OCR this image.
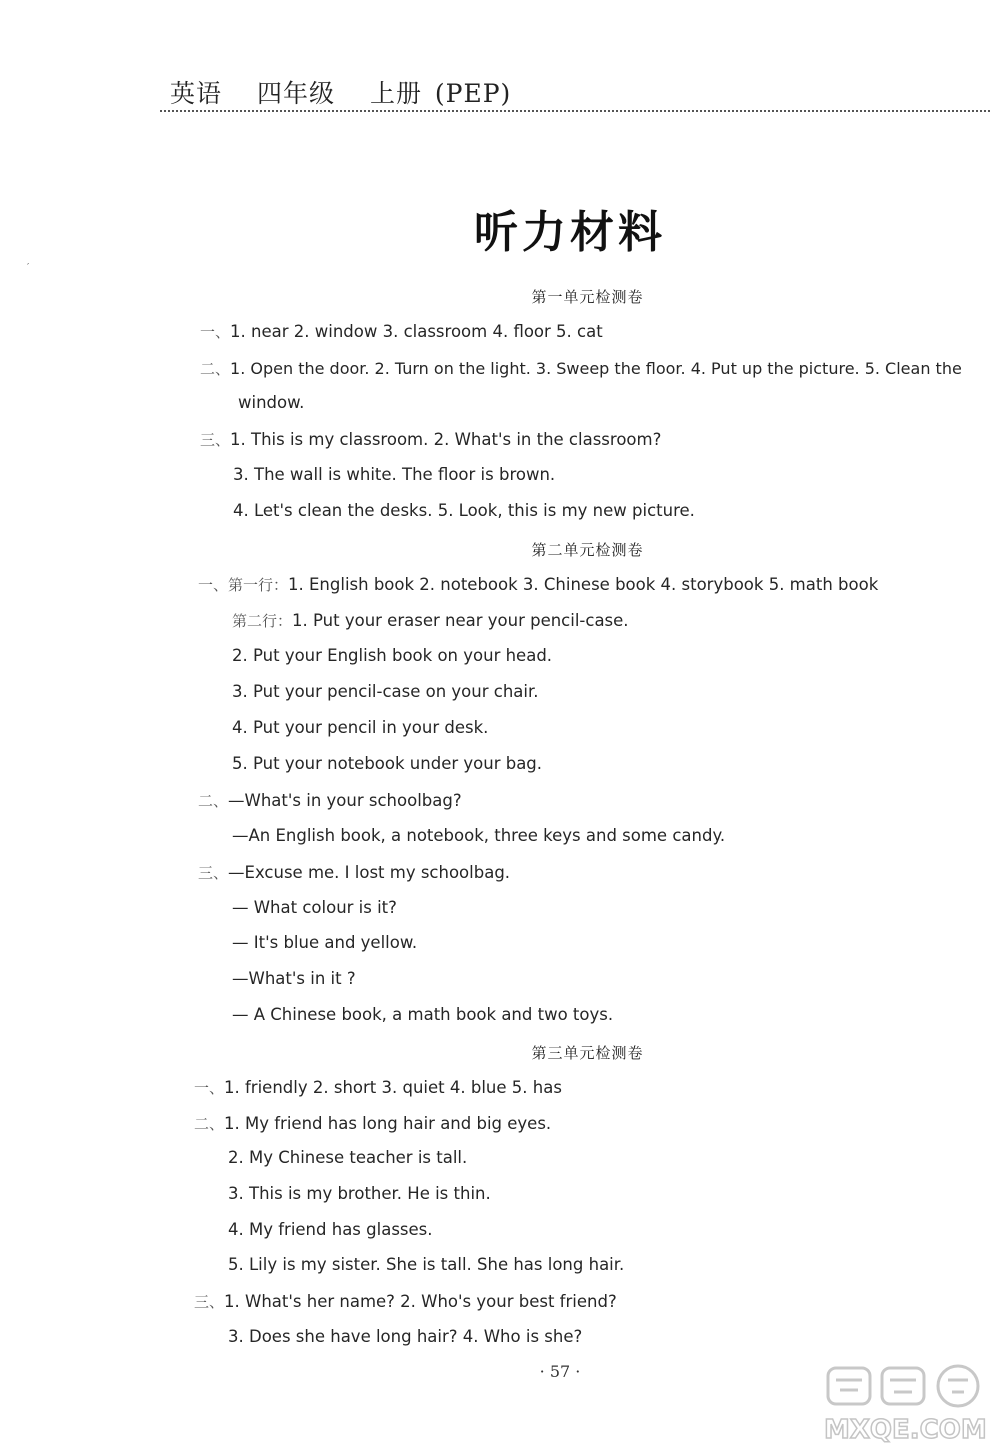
英语 四年级 上册 (PEP)
听力材料
′
第一单元检测卷
一、1. near 2. window 3. classroom 4. floor 5. cat
二、1. Open the door. 2. Turn on the light. 3. Sweep the floor. 4. Put up the picture. 5. Clean the
window.
三、1. This is my classroom. 2. What's in the classroom?
3. The wall is white. The floor is brown.
4. Let's clean the desks. 5. Look, this is my new picture.
第二单元检测卷
一、第一行：1. English book 2. notebook 3. Chinese book 4. storybook 5. math book
第二行：1. Put your eraser near your pencil-case.
2. Put your English book on your head.
3. Put your pencil-case on your chair.
4. Put your pencil in your desk.
5. Put your notebook under your bag.
二、—What's in your schoolbag?
—An English book, a notebook, three keys and some candy.
三、—Excuse me. I lost my schoolbag.
— What colour is it?
— It's blue and yellow.
—What's in it ?
— A Chinese book, a math book and two toys.
第三单元检测卷
一、1. friendly 2. short 3. quiet 4. blue 5. has
二、1. My friend has long hair and big eyes.
2. My Chinese teacher is tall.
3. This is my brother. He is thin.
4. My friend has glasses.
5. Lily is my sister. She is tall. She has long hair.
三、1. What's her name? 2. Who's your best friend?
3. Does she have long hair? 4. Who is she?
· 57 ·
MXQE.COM
